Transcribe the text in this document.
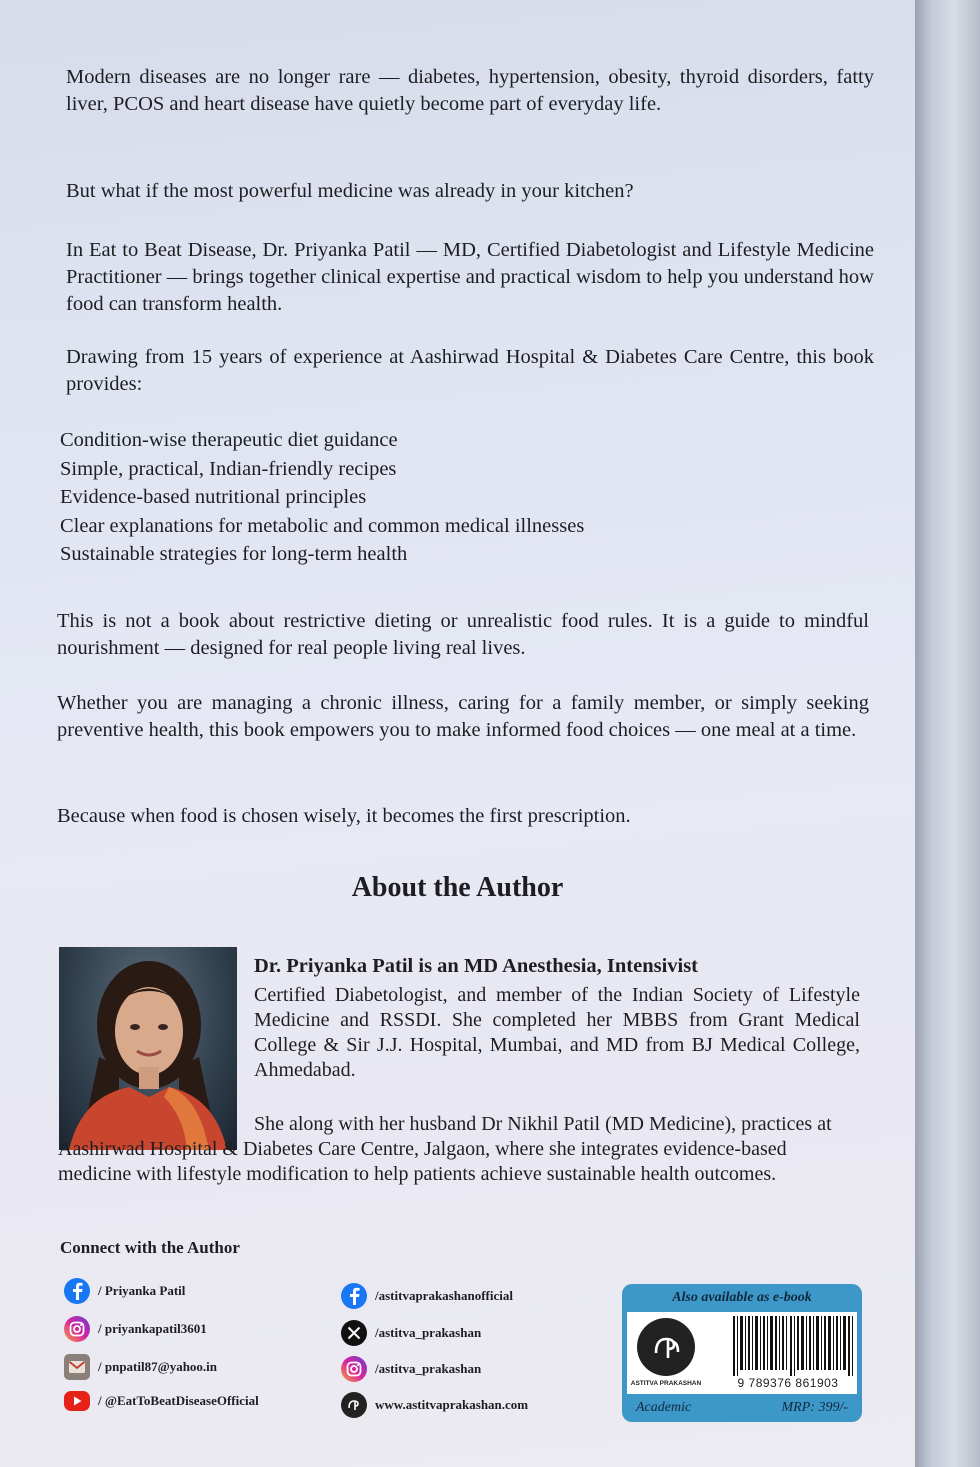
Modern diseases are no longer rare — diabetes, hypertension, obesity, thyroid disorders, fatty liver, PCOS and heart disease have quietly become part of everyday life.

But what if the most powerful medicine was already in your kitchen?

In Eat to Beat Disease, Dr. Priyanka Patil — MD, Certified Diabetologist and Lifestyle Medicine Practitioner — brings together clinical expertise and practical wisdom to help you understand how food can transform health.

Drawing from 15 years of experience at Aashirwad Hospital & Diabetes Care Centre, this book provides:

Condition-wise therapeutic diet guidance
Simple, practical, Indian-friendly recipes
Evidence-based nutritional principles
Clear explanations for metabolic and common medical illnesses
Sustainable strategies for long-term health

This is not a book about restrictive dieting or unrealistic food rules. It is a guide to mindful nourishment — designed for real people living real lives.

Whether you are managing a chronic illness, caring for a family member, or simply seeking preventive health, this book empowers you to make informed food choices — one meal at a time.

Because when food is chosen wisely, it becomes the first prescription.

About the Author

Dr. Priyanka Patil is an MD Anesthesia, Intensivist

Certified Diabetologist, and member of the Indian Society of Lifestyle Medicine and RSSDI. She completed her MBBS from Grant Medical College & Sir J.J. Hospital, Mumbai, and MD from BJ Medical College, Ahmedabad.

She along with her husband Dr Nikhil Patil (MD Medicine), practices at Aashirwad Hospital & Diabetes Care Centre, Jalgaon, where she integrates evidence-based medicine with lifestyle modification to help patients achieve sustainable health outcomes.

Connect with the Author

/ Priyanka Patil
/ priyankapatil3601
/ pnpatil87@yahoo.in
/ @EatToBeatDiseaseOfficial
/astitvaprakashanofficial
/astitva_prakashan
/astitva_prakashan
www.astitvaprakashan.com
Also available as e-book
ASTITVA PRAKASHAN	9 789376 861903
Academic	MRP: 399/-
